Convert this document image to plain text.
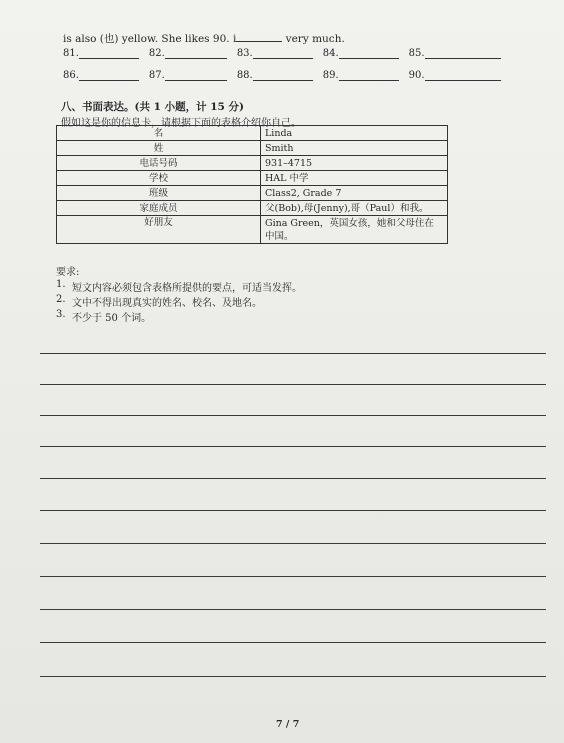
is also (也) yellow. She likes 90. i	very much.
81.	82.	83.	84.	85.
86.	87.	88.	89.	90.
八、书面表达。(共 1 小题，计 15 分)
假如这是你的信息卡，请根据下面的表格介绍你自己。
名	Linda
姓	Smith
电话号码	931–4715
学校	HAL 中学
班级	Class2, Grade 7
家庭成员	父(Bob),母(Jenny),哥（Paul）和我。
好朋友	Gina Green，英国女孩，她和父母住在中国。
要求:
1. 短文内容必须包含表格所提供的要点，可适当发挥。
2. 文中不得出现真实的姓名、校名、及地名。
3. 不少于 50 个词。
7 / 7
